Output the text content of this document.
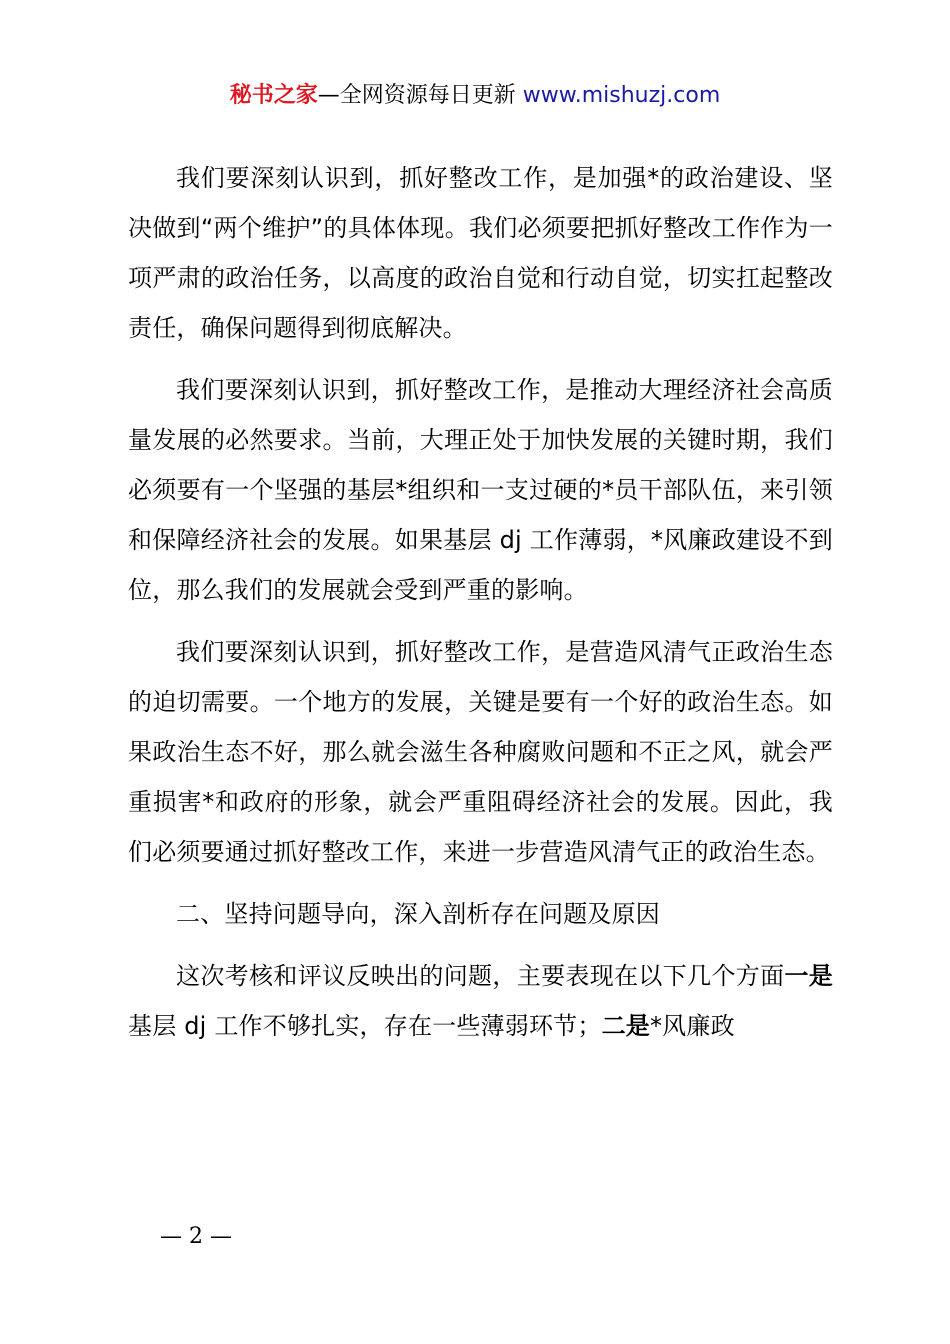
秘书之家—全网资源每日更新 www.mishuzj.com

我们要深刻认识到，抓好整改工作，是加强*的政治建设、坚决做到“两个维护”的具体体现。我们必须要把抓好整改工作作为一项严肃的政治任务，以高度的政治自觉和行动自觉，切实扛起整改责任，确保问题得到彻底解决。

我们要深刻认识到，抓好整改工作，是推动大理经济社会高质量发展的必然要求。当前，大理正处于加快发展的关键时期，我们必须要有一个坚强的基层*组织和一支过硬的*员干部队伍，来引领和保障经济社会的发展。如果基层 dj 工作薄弱，*风廉政建设不到位，那么我们的发展就会受到严重的影响。

我们要深刻认识到，抓好整改工作，是营造风清气正政治生态的迫切需要。一个地方的发展，关键是要有一个好的政治生态。如果政治生态不好，那么就会滋生各种腐败问题和不正之风，就会严重损害*和政府的形象，就会严重阻碍经济社会的发展。因此，我们必须要通过抓好整改工作，来进一步营造风清气正的政治生态。

二、坚持问题导向，深入剖析存在问题及原因

这次考核和评议反映出的问题，主要表现在以下几个方面一是基层 dj 工作不够扎实，存在一些薄弱环节；二是*风廉政

— 2 —
